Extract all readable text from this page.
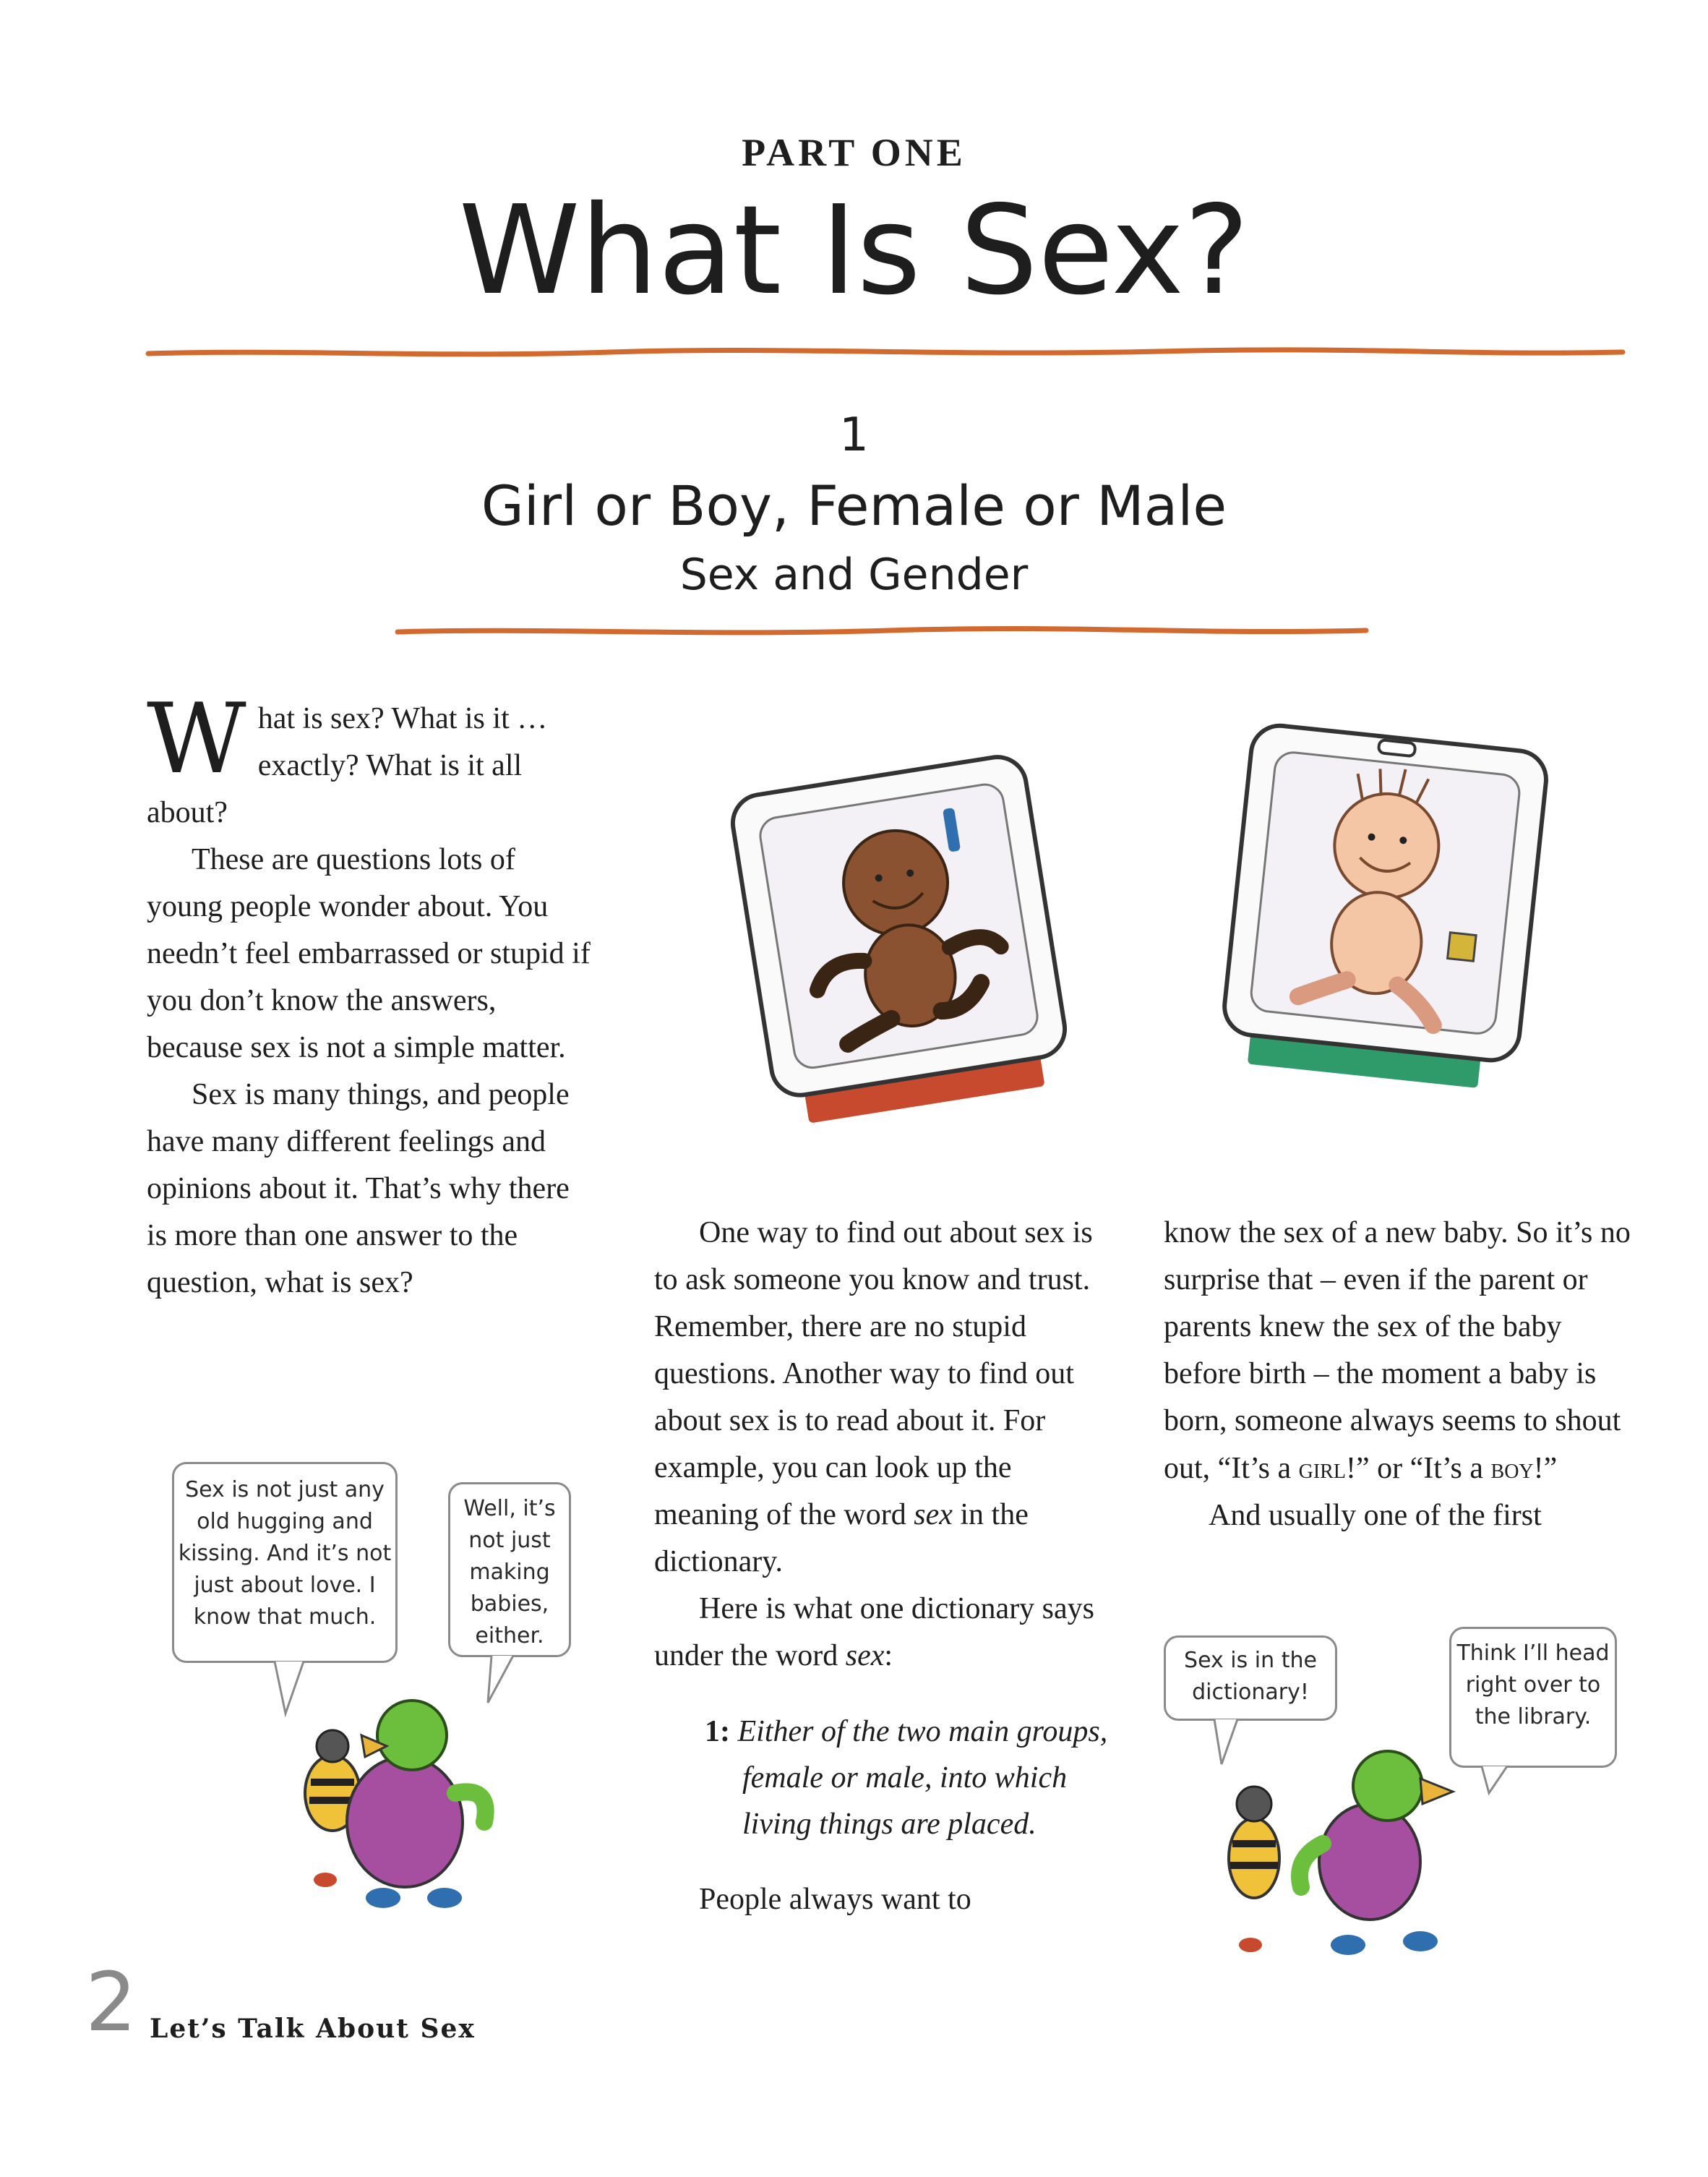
PART ONE
What Is Sex?
1
Girl or Boy, Female or Male
Sex and Gender

What is sex? What is it … exactly? What is it all about?

These are questions lots of young people wonder about. You needn’t feel embarrassed or stupid if you don’t know the answers, because sex is not a simple matter.

Sex is many things, and people have many different feelings and opinions about it. That’s why there is more than one answer to the question, what is sex?

One way to find out about sex is to ask someone you know and trust. Remember, there are no stupid questions. Another way to find out about sex is to read about it. For example, you can look up the meaning of the word sex in the dictionary.

Here is what one dictionary says under the word sex:

1: Either of the two main groups, female or male, into which living things are placed.

People always want to

know the sex of a new baby. So it’s no surprise that – even if the parent or parents knew the sex of the baby before birth – the moment a baby is born, someone always seems to shout out, “It’s a girl!” or “It’s a boy!”

And usually one of the first

Sex is not just any old hugging and kissing. And it’s not just about love. I know that much.
Well, it’s not just making babies, either.
Sex is in the dictionary!
Think I’ll head right over to the library.
2 Let’s Talk About Sex
